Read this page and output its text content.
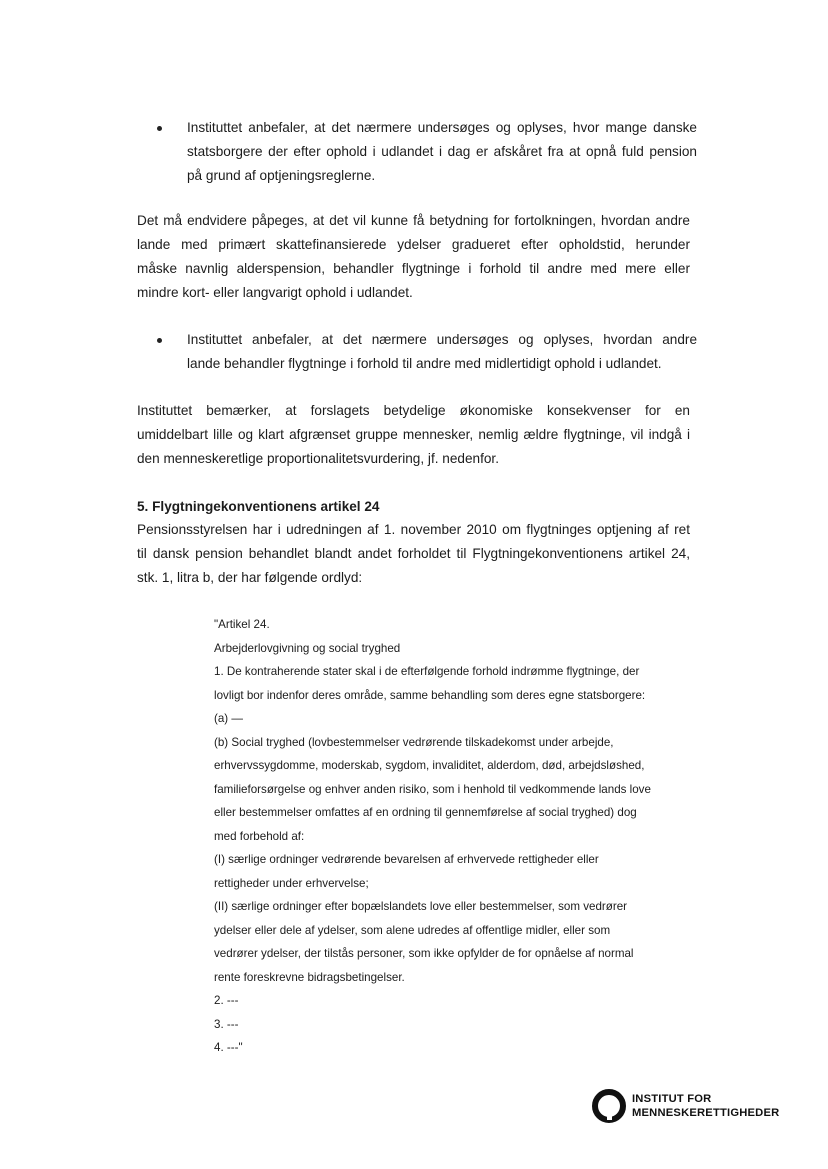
Instituttet anbefaler, at det nærmere undersøges og oplyses, hvor mange danske
statsborgere der efter ophold i udlandet i dag er afskåret fra at opnå fuld pension
på grund af optjeningsreglerne.
Det må endvidere påpeges, at det vil kunne få betydning for fortolkningen, hvordan andre
lande med primært skattefinansierede ydelser gradueret efter opholdstid, herunder
måske navnlig alderspension, behandler flygtninge i forhold til andre med mere eller
mindre kort- eller langvarigt ophold i udlandet.
Instituttet anbefaler, at det nærmere undersøges og oplyses, hvordan andre
lande behandler flygtninge i forhold til andre med midlertidigt ophold i udlandet.
Instituttet bemærker, at forslagets betydelige økonomiske konsekvenser for en
umiddelbart lille og klart afgrænset gruppe mennesker, nemlig ældre flygtninge, vil indgå i
den menneskeretlige proportionalitetsvurdering, jf. nedenfor.
5. Flygtningekonventionens artikel 24
Pensionsstyrelsen har i udredningen af 1. november 2010 om flygtninges optjening af ret
til dansk pension behandlet blandt andet forholdet til Flygtningekonventionens artikel 24,
stk. 1, litra b, der har følgende ordlyd:
"Artikel 24.
Arbejderlovgivning og social tryghed
1. De kontraherende stater skal i de efterfølgende forhold indrømme flygtninge, der
lovligt bor indenfor deres område, samme behandling som deres egne statsborgere:
(a) —
(b) Social tryghed (lovbestemmelser vedrørende tilskadekomst under arbejde,
erhvervssygdomme, moderskab, sygdom, invaliditet, alderdom, død, arbejdsløshed,
familieforsørgelse og enhver anden risiko, som i henhold til vedkommende lands love
eller bestemmelser omfattes af en ordning til gennemførelse af social tryghed) dog
med forbehold af:
(I) særlige ordninger vedrørende bevarelsen af erhvervede rettigheder eller
rettigheder under erhvervelse;
(II) særlige ordninger efter bopælslandets love eller bestemmelser, som vedrører
ydelser eller dele af ydelser, som alene udredes af offentlige midler, eller som
vedrører ydelser, der tilstås personer, som ikke opfylder de for opnåelse af normal
rente foreskrevne bidragsbetingelser.
2. ---
3. ---
4. ---"
INSTITUT FOR
MENNESKERETTIGHEDER
